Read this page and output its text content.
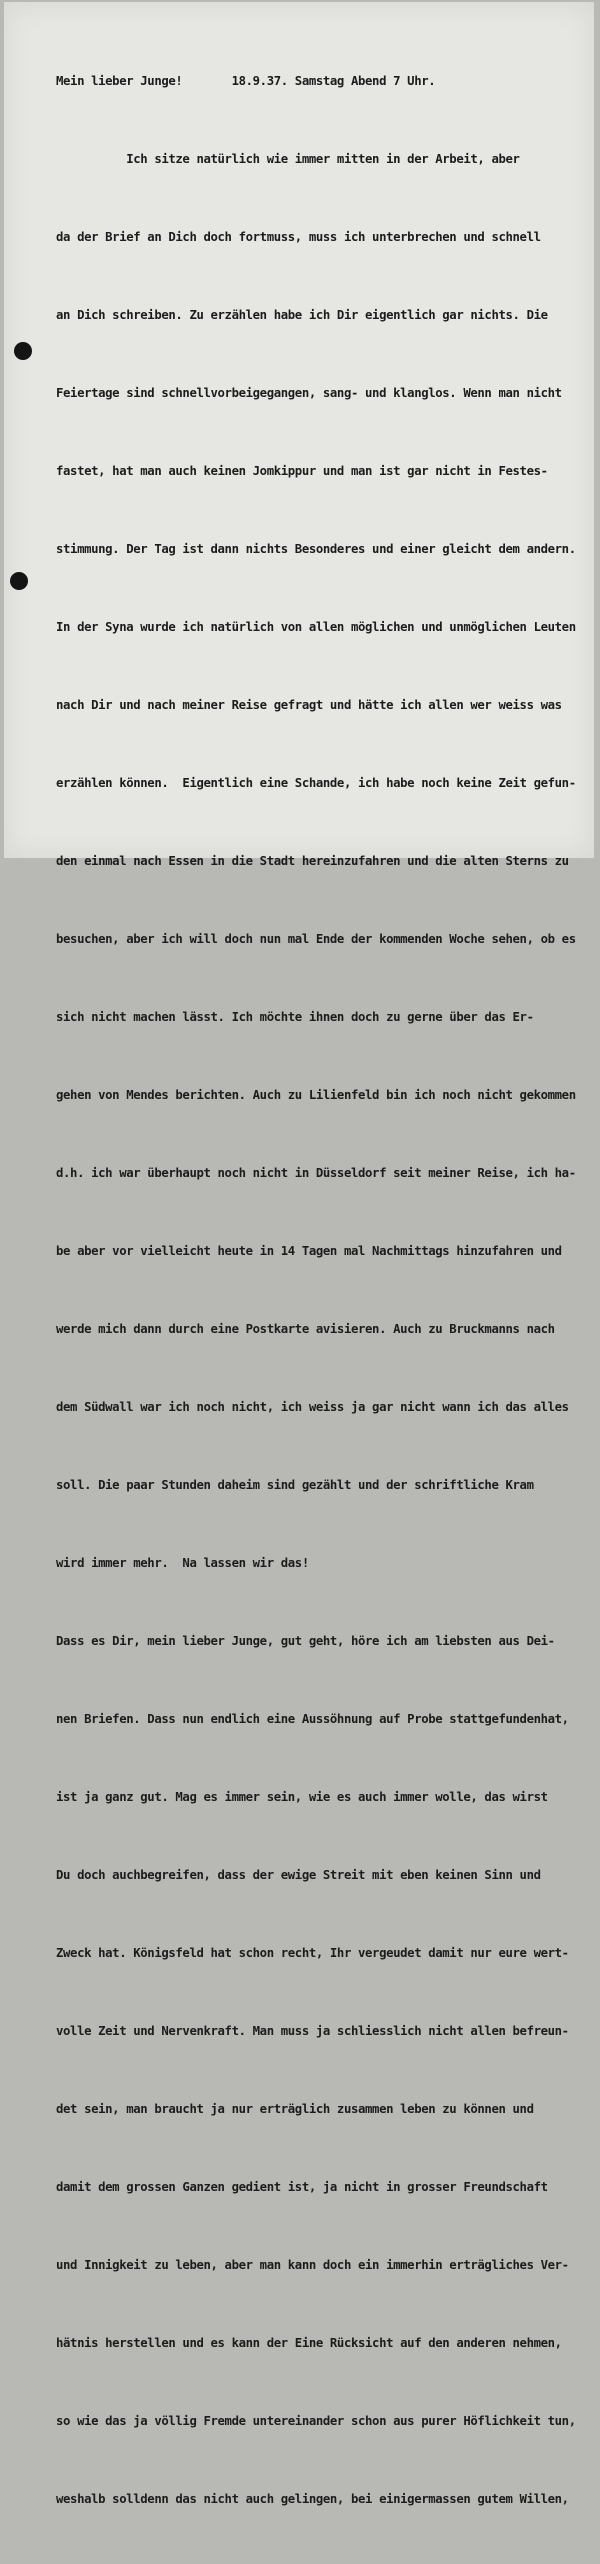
Mein lieber Junge!       18.9.37. Samstag Abend 7 Uhr.

Ich sitze natürlich wie immer mitten in der Arbeit, aber

da der Brief an Dich doch fortmuss, muss ich unterbrechen und schnell

an Dich schreiben. Zu erzählen habe ich Dir eigentlich gar nichts. Die

Feiertage sind schnellvorbeigegangen, sang- und klanglos. Wenn man nicht

fastet, hat man auch keinen Jomkippur und man ist gar nicht in Festes-

stimmung. Der Tag ist dann nichts Besonderes und einer gleicht dem andern.

In der Syna wurde ich natürlich von allen möglichen und unmöglichen Leuten

nach Dir und nach meiner Reise gefragt und hätte ich allen wer weiss was

erzählen können.  Eigentlich eine Schande, ich habe noch keine Zeit gefun-

den einmal nach Essen in die Stadt hereinzufahren und die alten Sterns zu

besuchen, aber ich will doch nun mal Ende der kommenden Woche sehen, ob es

sich nicht machen lässt. Ich möchte ihnen doch zu gerne über das Er-

gehen von Mendes berichten. Auch zu Lilienfeld bin ich noch nicht gekommen

d.h. ich war überhaupt noch nicht in Düsseldorf seit meiner Reise, ich ha-

be aber vor vielleicht heute in 14 Tagen mal Nachmittags hinzufahren und

werde mich dann durch eine Postkarte avisieren. Auch zu Bruckmanns nach

dem Südwall war ich noch nicht, ich weiss ja gar nicht wann ich das alles

soll. Die paar Stunden daheim sind gezählt und der schriftliche Kram

wird immer mehr.  Na lassen wir das!

Dass es Dir, mein lieber Junge, gut geht, höre ich am liebsten aus Dei-

nen Briefen. Dass nun endlich eine Aussöhnung auf Probe stattgefundenhat,

ist ja ganz gut. Mag es immer sein, wie es auch immer wolle, das wirst

Du doch auchbegreifen, dass der ewige Streit mit eben keinen Sinn und

Zweck hat. Königsfeld hat schon recht, Ihr vergeudet damit nur eure wert-

volle Zeit und Nervenkraft. Man muss ja schliesslich nicht allen befreun-

det sein, man braucht ja nur erträglich zusammen leben zu können und

damit dem grossen Ganzen gedient ist, ja nicht in grosser Freundschaft

und Innigkeit zu leben, aber man kann doch ein immerhin erträgliches Ver-

hätnis herstellen und es kann der Eine Rücksicht auf den anderen nehmen,

so wie das ja völlig Fremde untereinander schon aus purer Höflichkeit tun,

weshalb solldenn das nicht auch gelingen, bei einigermassen gutem Willen,
